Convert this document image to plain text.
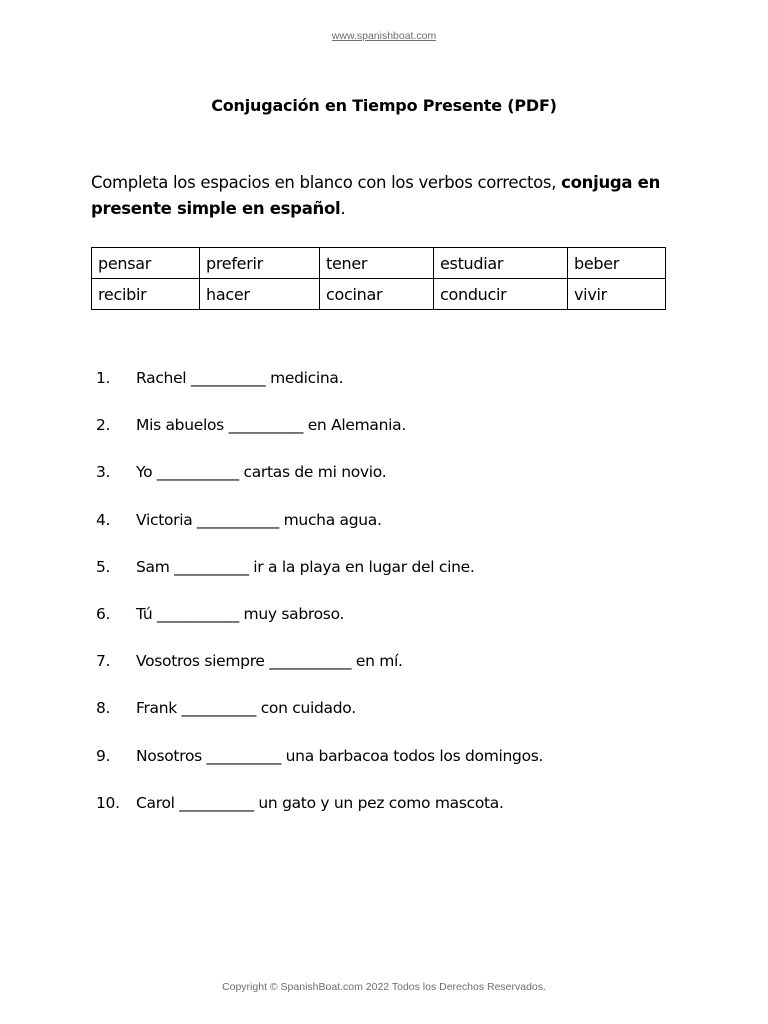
www.spanishboat.com
Conjugación en Tiempo Presente (PDF)
Completa los espacios en blanco con los verbos correctos, conjuga en presente simple en español.
pensar	preferir	tener	estudiar	beber
recibir	hacer	cocinar	conducir	vivir
1.	Rachel __________ medicina.
2.	Mis abuelos __________ en Alemania.
3.	Yo ___________ cartas de mi novio.
4.	Victoria ___________ mucha agua.
5.	Sam __________ ir a la playa en lugar del cine.
6.	Tú ___________ muy sabroso.
7.	Vosotros siempre ___________ en mí.
8.	Frank __________ con cuidado.
9.	Nosotros __________ una barbacoa todos los domingos.
10.	Carol __________ un gato y un pez como mascota.
Copyright © SpanishBoat.com 2022 Todos los Derechos Reservados.
